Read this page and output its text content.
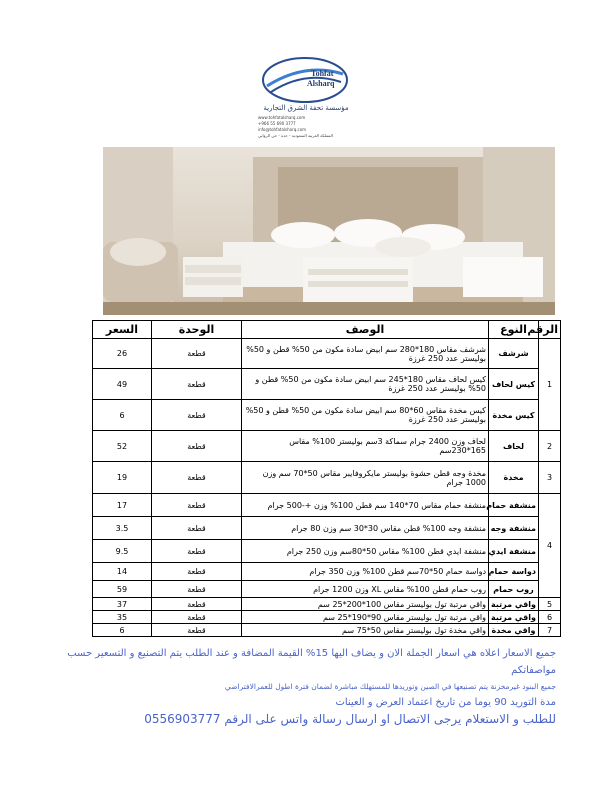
Tohfat
Alsharq
مؤسسة تحفة الشرق التجارية
www.tohfatalsharq.com
+966 55 690 3777
info@tohfatalsharq.com
المملكة العربية السعودية - جدة - حي الروابي
الرقم	النوع	الوصف	الوحدة	السعر
1	شرشف	شرشف مقاس 180*280 سم ابيض سادة مكون من 50% قطن و 50% بوليستر عدد 250 غرزة	قطعة	26
	كيس لحاف	كيس لحاف مقاس 180*245 سم ابيض سادة مكون من 50% قطن و 50% بوليستر عدد 250 غرزة	قطعة	49
	كيس مخدة	كيس مخدة مقاس 60*80 سم ابيض سادة مكون من 50% قطن و 50% بوليستر عدد 250 غرزة	قطعة	6
2	لحاف	لحاف وزن 2400 جرام سماكة 3سم بوليستر 100% مقاس 165*230سم	قطعة	52
3	مخدة	مخدة وجه قطن حشوة بوليستر مايكروفايبر مقاس 50*70 سم وزن 1000 جرام	قطعة	19
4	منشفة حمام	منشفة حمام مقاس 70*140 سم قطن 100% وزن +-500 جرام	قطعة	17
	منشفة وجه	منشفة وجه 100% قطن مقاس 30*30 سم وزن 80 جرام	قطعة	3.5
	منشفة ايدي	منشفة ايدي قطن 100% مقاس 50*80سم وزن 250 جرام	قطعة	9.5
	دواسة حمام	دواسة حمام 50*70سم قطن 100% وزن 350 جرام	قطعة	14
	روب حمام	روب حمام قطن 100% مقاس XL وزن 1200 جرام	قطعة	59
5	واقي مرتبة	واقي مرتبة تول بوليستر مقاس 100*200*25 سم	قطعة	37
6	واقي مرتبة	واقي مرتبة تول بوليستر مقاس 90*190*25 سم	قطعة	35
7	واقي مخدة	واقي مخدة تول بوليستر مقاس 50*75 سم	قطعة	6
جميع الاسعار اعلاه هي اسعار الجملة الان و يضاف اليها 15% القيمة المضافة و عند الطلب يتم التصنيع و التسعير حسب مواصفاتكم
جميع البنود غيرمخزنة يتم تصنيعها في الصين وتوريدها للمستهلك مباشرة لضمان فترة اطول للعمرالافتراضي
مدة التوريد 90 يوما من تاريخ اعتماد العرض و العينات
للطلب و الاستعلام يرجى الاتصال او ارسال رسالة واتس على الرقم 0556903777
